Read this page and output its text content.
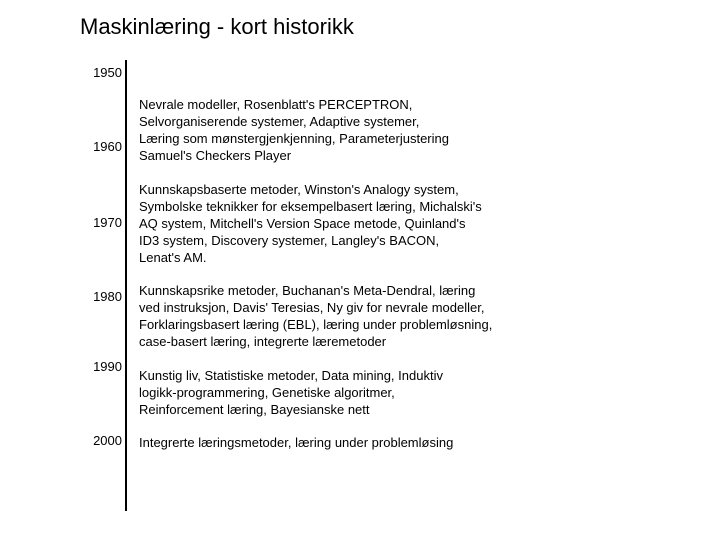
Maskinlæring - kort historikk
1950
1960
1970
1980
1990
2000
Nevrale modeller, Rosenblatt's PERCEPTRON,
Selvorganiserende systemer, Adaptive systemer,
Læring som mønstergjenkjenning, Parameterjustering
Samuel's Checkers Player
Kunnskapsbaserte metoder, Winston's Analogy system,
Symbolske teknikker for eksempelbasert læring, Michalski's
AQ system, Mitchell's Version Space metode, Quinland's
ID3 system, Discovery systemer, Langley's BACON,
Lenat's AM.
Kunnskapsrike metoder, Buchanan's Meta-Dendral, læring
ved instruksjon, Davis' Teresias, Ny giv for nevrale modeller,
Forklaringsbasert læring (EBL), læring under problemløsning,
case-basert læring, integrerte læremetoder
Kunstig liv, Statistiske metoder, Data mining, Induktiv
logikk-programmering, Genetiske algoritmer,
Reinforcement læring, Bayesianske nett
Integrerte læringsmetoder, læring under problemløsing
